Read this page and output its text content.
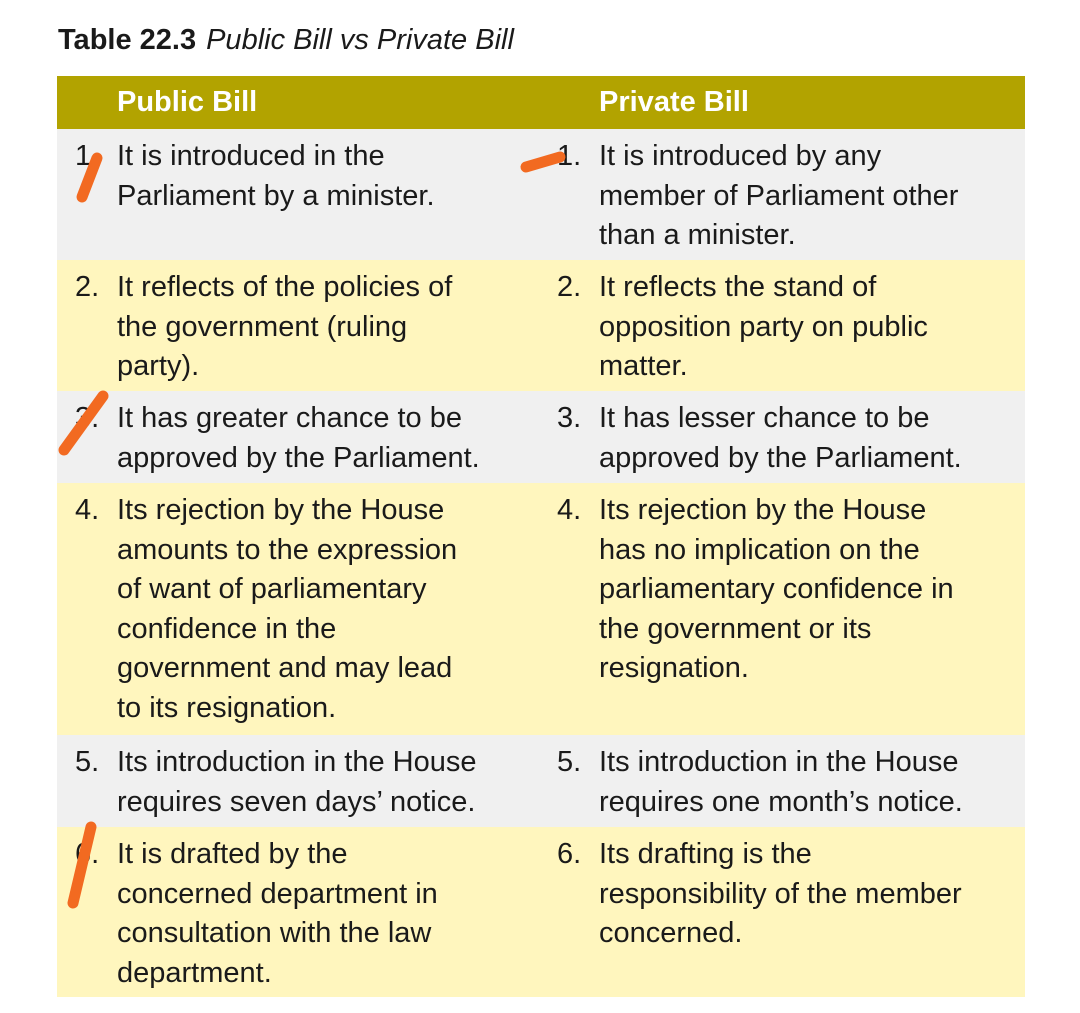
Table 22.3 Public Bill vs Private Bill
Public Bill	Private Bill
1. It is introduced in the
Parliament by a minister.
1. It is introduced by any
member of Parliament other
than a minister.
2. It reflects of the policies of
the government (ruling
party).
2. It reflects the stand of
opposition party on public
matter.
3. It has greater chance to be
approved by the Parliament.
3. It has lesser chance to be
approved by the Parliament.
4. Its rejection by the House
amounts to the expression
of want of parliamentary
confidence in the
government and may lead
to its resignation.
4. Its rejection by the House
has no implication on the
parliamentary confidence in
the government or its
resignation.
5. Its introduction in the House
requires seven days’ notice.
5. Its introduction in the House
requires one month’s notice.
6. It is drafted by the
concerned department in
consultation with the law
department.
6. Its drafting is the
responsibility of the member
concerned.
